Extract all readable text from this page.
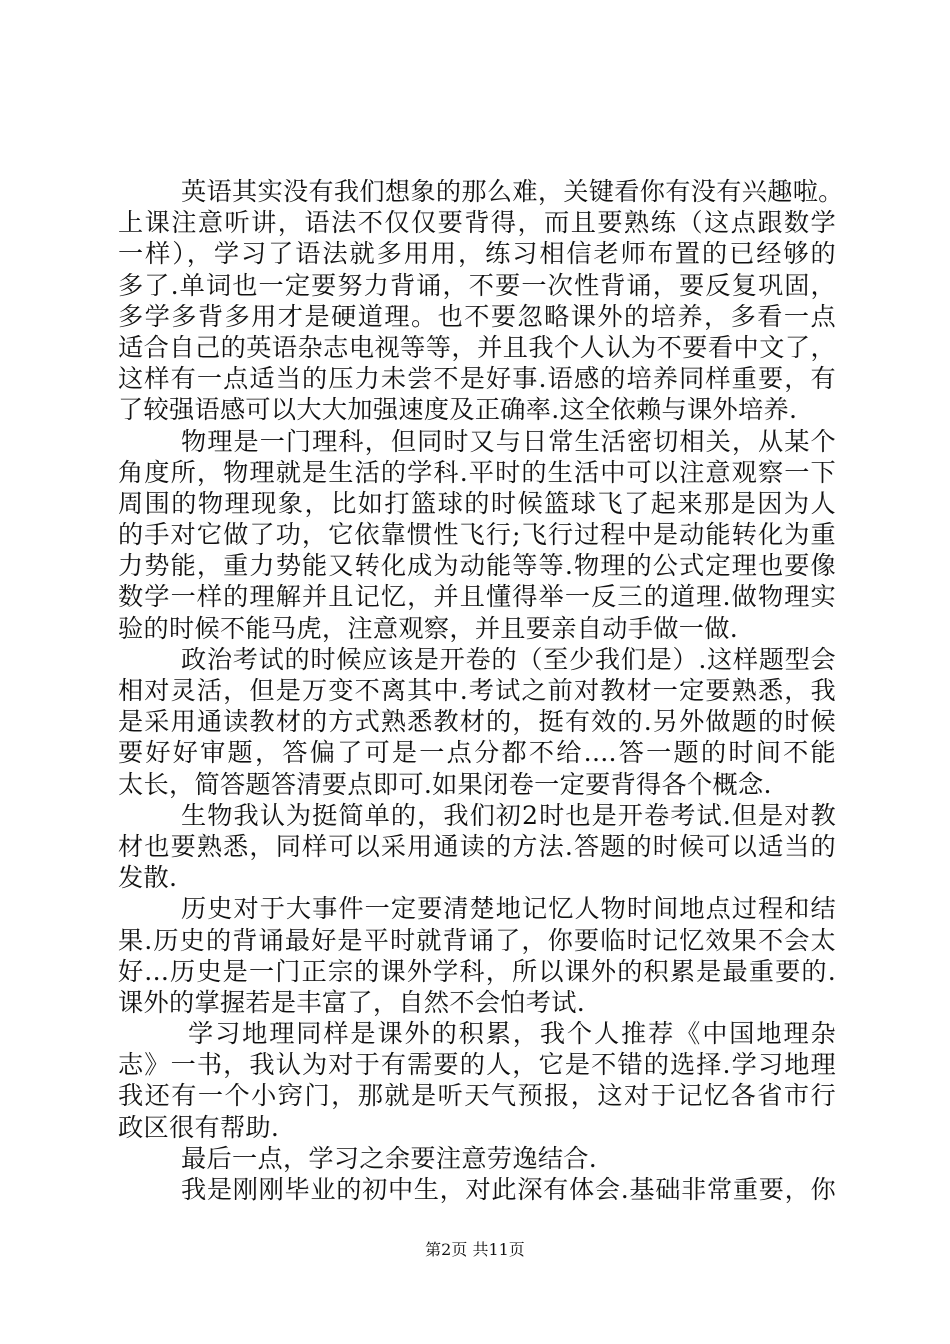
英语其实没有我们想象的那么难，关键看你有没有兴趣啦。
上课注意听讲，语法不仅仅要背得，而且要熟练（这点跟数学
一样），学习了语法就多用用，练习相信老师布置的已经够的
多了.单词也一定要努力背诵，不要一次性背诵，要反复巩固，
多学多背多用才是硬道理。也不要忽略课外的培养，多看一点
适合自己的英语杂志电视等等，并且我个人认为不要看中文了，
这样有一点适当的压力未尝不是好事.语感的培养同样重要，有
了较强语感可以大大加强速度及正确率.这全依赖与课外培养.
物理是一门理科，但同时又与日常生活密切相关，从某个
角度所，物理就是生活的学科.平时的生活中可以注意观察一下
周围的物理现象，比如打篮球的时候篮球飞了起来那是因为人
的手对它做了功，它依靠惯性飞行;飞行过程中是动能转化为重
力势能，重力势能又转化成为动能等等.物理的公式定理也要像
数学一样的理解并且记忆，并且懂得举一反三的道理.做物理实
验的时候不能马虎，注意观察，并且要亲自动手做一做.
政治考试的时候应该是开卷的（至少我们是）.这样题型会
相对灵活，但是万变不离其中.考试之前对教材一定要熟悉，我
是采用通读教材的方式熟悉教材的，挺有效的.另外做题的时候
要好好审题，答偏了可是一点分都不给....答一题的时间不能
太长，简答题答清要点即可.如果闭卷一定要背得各个概念.
生物我认为挺简单的，我们初2时也是开卷考试.但是对教
材也要熟悉，同样可以采用通读的方法.答题的时候可以适当的
发散.
历史对于大事件一定要清楚地记忆人物时间地点过程和结
果.历史的背诵最好是平时就背诵了，你要临时记忆效果不会太
好...历史是一门正宗的课外学科，所以课外的积累是最重要的.
课外的掌握若是丰富了，自然不会怕考试.
学习地理同样是课外的积累，我个人推荐《中国地理杂
志》一书，我认为对于有需要的人，它是不错的选择.学习地理
我还有一个小窍门，那就是听天气预报，这对于记忆各省市行
政区很有帮助.
最后一点，学习之余要注意劳逸结合.
我是刚刚毕业的初中生，对此深有体会.基础非常重要，你
第2页 共11页
